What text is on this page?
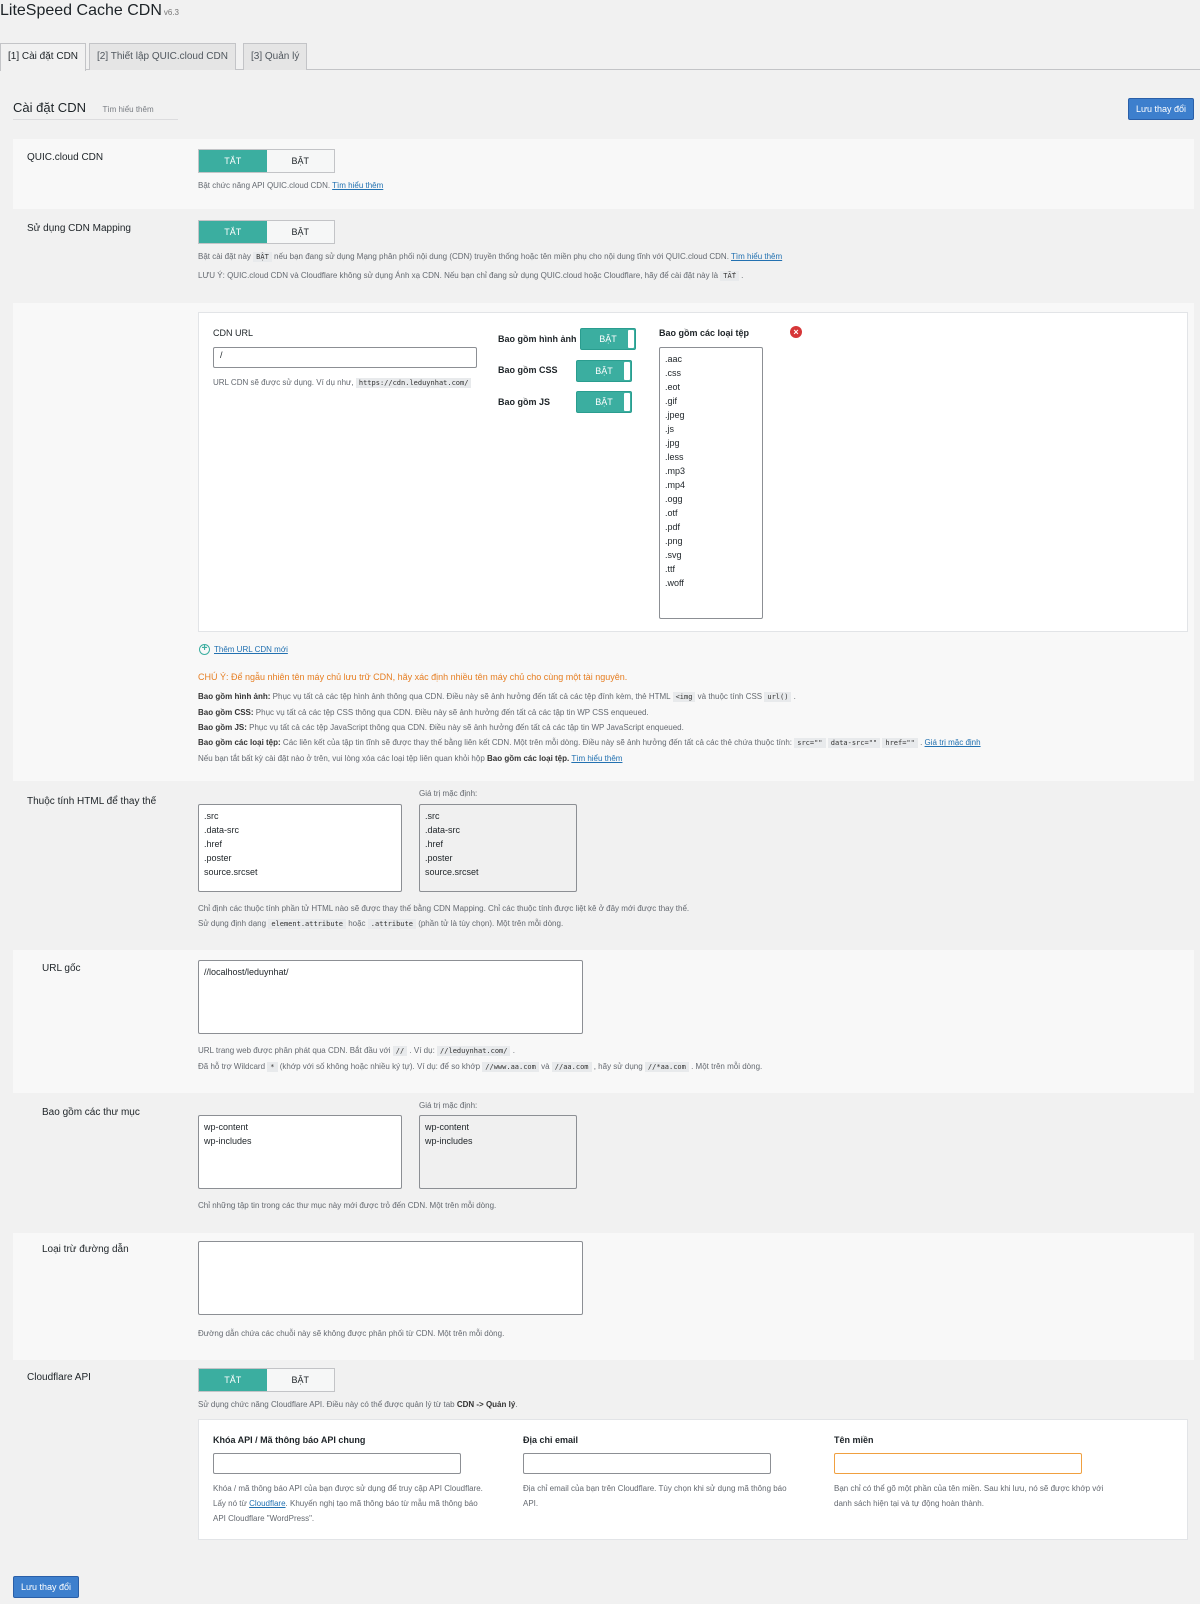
LiteSpeed Cache CDN v6.3
[1] Cài đặt CDN	[2] Thiết lập QUIC.cloud CDN	[3] Quản lý
Cài đặt CDN Tìm hiểu thêm	Lưu thay đổi
QUIC.cloud CDN	TẮT	BẬT
Bật chức năng API QUIC.cloud CDN. Tìm hiểu thêm
Sử dụng CDN Mapping	TẮT	BẬT
Bật cài đặt này BẬT nếu bạn đang sử dụng Mạng phân phối nội dung (CDN) truyền thống hoặc tên miền phụ cho nội dung tĩnh với QUIC.cloud CDN. Tìm hiểu thêm
LƯU Ý: QUIC.cloud CDN và Cloudflare không sử dụng Ánh xạ CDN. Nếu bạn chỉ đang sử dụng QUIC.cloud hoặc Cloudflare, hãy để cài đặt này là TẮT .
CDN URL
/
URL CDN sẽ được sử dụng. Ví dụ như, https://cdn.leduynhat.com/
Bao gồm hình ảnh	BẬT
Bao gồm CSS	BẬT
Bao gồm JS	BẬT
Bao gồm các loại tệp	×
.aac
.css
.eot
.gif
.jpeg
.js
.jpg
.less
.mp3
.mp4
.ogg
.otf
.pdf
.png
.svg
.ttf
.woff
+ Thêm URL CDN mới
CHÚ Ý: Để ngẫu nhiên tên máy chủ lưu trữ CDN, hãy xác định nhiều tên máy chủ cho cùng một tài nguyên.
Bao gồm hình ảnh: Phục vụ tất cả các tệp hình ảnh thông qua CDN. Điều này sẽ ảnh hưởng đến tất cả các tệp đính kèm, thẻ HTML <img và thuộc tính CSS url() .
Bao gồm CSS: Phục vụ tất cả các tệp CSS thông qua CDN. Điều này sẽ ảnh hưởng đến tất cả các tập tin WP CSS enqueued.
Bao gồm JS: Phục vụ tất cả các tệp JavaScript thông qua CDN. Điều này sẽ ảnh hưởng đến tất cả các tập tin WP JavaScript enqueued.
Bao gồm các loại tệp: Các liên kết của tập tin tĩnh sẽ được thay thế bằng liên kết CDN. Một trên mỗi dòng. Điều này sẽ ảnh hưởng đến tất cả các thẻ chứa thuộc tính: src="" data-src="" href="" . Giá trị mặc định
Nếu bạn tắt bất kỳ cài đặt nào ở trên, vui lòng xóa các loại tệp liên quan khỏi hộp Bao gồm các loại tệp. Tìm hiểu thêm
Thuộc tính HTML để thay thế
.src
.data-src
.href
.poster
source.srcset
Giá trị mặc định:
.src
.data-src
.href
.poster
source.srcset
Chỉ định các thuộc tính phần tử HTML nào sẽ được thay thế bằng CDN Mapping. Chỉ các thuộc tính được liệt kê ở đây mới được thay thế.
Sử dụng định dạng element.attribute hoặc .attribute (phần tử là tùy chọn). Một trên mỗi dòng.
URL gốc	//localhost/leduynhat/
URL trang web được phân phát qua CDN. Bắt đầu với // . Ví dụ: //leduynhat.com/ .
Đã hỗ trợ Wildcard * (khớp với số không hoặc nhiều ký tự). Ví dụ: để so khớp //www.aa.com và //aa.com , hãy sử dụng //*aa.com . Một trên mỗi dòng.
Bao gồm các thư mục
wp-content
wp-includes
Giá trị mặc định:
wp-content
wp-includes
Chỉ những tập tin trong các thư mục này mới được trỏ đến CDN. Một trên mỗi dòng.
Loại trừ đường dẫn
Đường dẫn chứa các chuỗi này sẽ không được phân phối từ CDN. Một trên mỗi dòng.
Cloudflare API	TẮT	BẬT
Sử dụng chức năng Cloudflare API. Điều này có thể được quản lý từ tab CDN -> Quản lý.
Khóa API / Mã thông báo API chung
Khóa / mã thông báo API của bạn được sử dụng để truy cập API Cloudflare.
Lấy nó từ Cloudflare. Khuyến nghị tạo mã thông báo từ mẫu mã thông báo
API Cloudflare "WordPress".
Địa chỉ email
Địa chỉ email của bạn trên Cloudflare. Tùy chọn khi sử dụng mã thông báo
API.
Tên miền
Bạn chỉ có thể gõ một phần của tên miền. Sau khi lưu, nó sẽ được khớp với
danh sách hiện tại và tự động hoàn thành.
Lưu thay đổi
